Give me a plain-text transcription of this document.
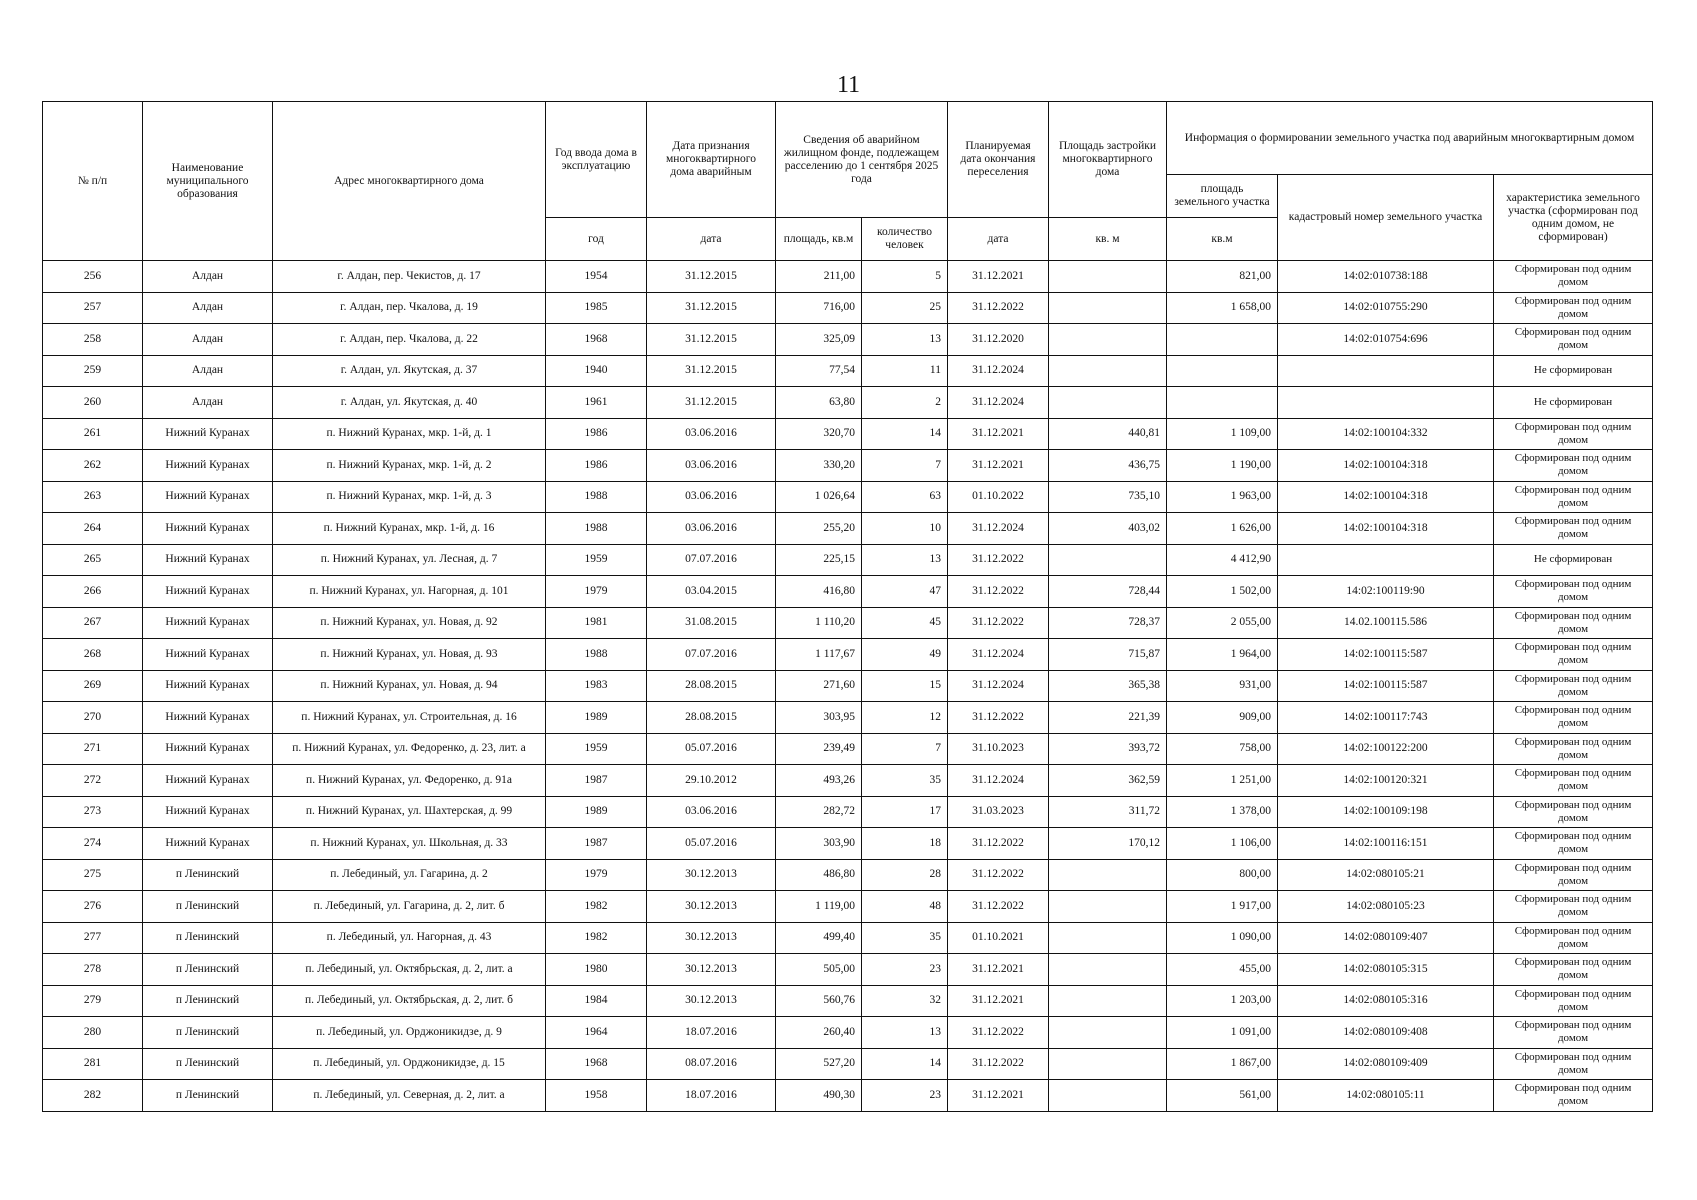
11
№ п/п	Наименование муниципального образования	Адрес многоквартирного дома	Год ввода дома в эксплуатацию	Дата признания многоквартирного дома аварийным	Сведения об аварийном жилищном фонде, подлежащем расселению до 1 сентября 2025 года		Планируемая дата окончания переселения	Площадь застройки многоквартирного дома	Информация о формировании земельного участка под аварийным многоквартирным домом		
									площадь земельного участка	кадастровый номер земельного участка	характеристика земельного участка (сформирован под одним домом, не сформирован)
			год	дата	площадь, кв.м	количество человек	дата	кв. м	кв.м		
256	Алдан	г. Алдан, пер. Чекистов, д. 17	1954	31.12.2015	211,00	5	31.12.2021		821,00	14:02:010738:188	Сформирован под одним домом
257	Алдан	г. Алдан, пер. Чкалова, д. 19	1985	31.12.2015	716,00	25	31.12.2022		1 658,00	14:02:010755:290	Сформирован под одним домом
258	Алдан	г. Алдан, пер. Чкалова, д. 22	1968	31.12.2015	325,09	13	31.12.2020			14:02:010754:696	Сформирован под одним домом
259	Алдан	г. Алдан, ул. Якутская, д. 37	1940	31.12.2015	77,54	11	31.12.2024				Не сформирован
260	Алдан	г. Алдан, ул. Якутская, д. 40	1961	31.12.2015	63,80	2	31.12.2024				Не сформирован
261	Нижний Куранах	п. Нижний Куранах, мкр. 1-й, д. 1	1986	03.06.2016	320,70	14	31.12.2021	440,81	1 109,00	14:02:100104:332	Сформирован под одним домом
262	Нижний Куранах	п. Нижний Куранах, мкр. 1-й, д. 2	1986	03.06.2016	330,20	7	31.12.2021	436,75	1 190,00	14:02:100104:318	Сформирован под одним домом
263	Нижний Куранах	п. Нижний Куранах, мкр. 1-й, д. 3	1988	03.06.2016	1 026,64	63	01.10.2022	735,10	1 963,00	14:02:100104:318	Сформирован под одним домом
264	Нижний Куранах	п. Нижний Куранах, мкр. 1-й, д. 16	1988	03.06.2016	255,20	10	31.12.2024	403,02	1 626,00	14:02:100104:318	Сформирован под одним домом
265	Нижний Куранах	п. Нижний Куранах, ул. Лесная, д. 7	1959	07.07.2016	225,15	13	31.12.2022		4 412,90		Не сформирован
266	Нижний Куранах	п. Нижний Куранах, ул. Нагорная, д. 101	1979	03.04.2015	416,80	47	31.12.2022	728,44	1 502,00	14:02:100119:90	Сформирован под одним домом
267	Нижний Куранах	п. Нижний Куранах, ул. Новая, д. 92	1981	31.08.2015	1 110,20	45	31.12.2022	728,37	2 055,00	14.02.100115.586	Сформирован под одним домом
268	Нижний Куранах	п. Нижний Куранах, ул. Новая, д. 93	1988	07.07.2016	1 117,67	49	31.12.2024	715,87	1 964,00	14:02:100115:587	Сформирован под одним домом
269	Нижний Куранах	п. Нижний Куранах, ул. Новая, д. 94	1983	28.08.2015	271,60	15	31.12.2024	365,38	931,00	14:02:100115:587	Сформирован под одним домом
270	Нижний Куранах	п. Нижний Куранах, ул. Строительная, д. 16	1989	28.08.2015	303,95	12	31.12.2022	221,39	909,00	14:02:100117:743	Сформирован под одним домом
271	Нижний Куранах	п. Нижний Куранах, ул. Федоренко, д. 23, лит. а	1959	05.07.2016	239,49	7	31.10.2023	393,72	758,00	14:02:100122:200	Сформирован под одним домом
272	Нижний Куранах	п. Нижний Куранах, ул. Федоренко, д. 91а	1987	29.10.2012	493,26	35	31.12.2024	362,59	1 251,00	14:02:100120:321	Сформирован под одним домом
273	Нижний Куранах	п. Нижний Куранах, ул. Шахтерская, д. 99	1989	03.06.2016	282,72	17	31.03.2023	311,72	1 378,00	14:02:100109:198	Сформирован под одним домом
274	Нижний Куранах	п. Нижний Куранах, ул. Школьная, д. 33	1987	05.07.2016	303,90	18	31.12.2022	170,12	1 106,00	14:02:100116:151	Сформирован под одним домом
275	п Ленинский	п. Лебединый, ул. Гагарина, д. 2	1979	30.12.2013	486,80	28	31.12.2022		800,00	14:02:080105:21	Сформирован под одним домом
276	п Ленинский	п. Лебединый, ул. Гагарина, д. 2, лит. б	1982	30.12.2013	1 119,00	48	31.12.2022		1 917,00	14:02:080105:23	Сформирован под одним домом
277	п Ленинский	п. Лебединый, ул. Нагорная, д. 43	1982	30.12.2013	499,40	35	01.10.2021		1 090,00	14:02:080109:407	Сформирован под одним домом
278	п Ленинский	п. Лебединый, ул. Октябрьская, д. 2, лит. а	1980	30.12.2013	505,00	23	31.12.2021		455,00	14:02:080105:315	Сформирован под одним домом
279	п Ленинский	п. Лебединый, ул. Октябрьская, д. 2, лит. б	1984	30.12.2013	560,76	32	31.12.2021		1 203,00	14:02:080105:316	Сформирован под одним домом
280	п Ленинский	п. Лебединый, ул. Орджоникидзе, д. 9	1964	18.07.2016	260,40	13	31.12.2022		1 091,00	14:02:080109:408	Сформирован под одним домом
281	п Ленинский	п. Лебединый, ул. Орджоникидзе, д. 15	1968	08.07.2016	527,20	14	31.12.2022		1 867,00	14:02:080109:409	Сформирован под одним домом
282	п Ленинский	п. Лебединый, ул. Северная, д. 2, лит. а	1958	18.07.2016	490,30	23	31.12.2021		561,00	14:02:080105:11	Сформирован под одним домом
